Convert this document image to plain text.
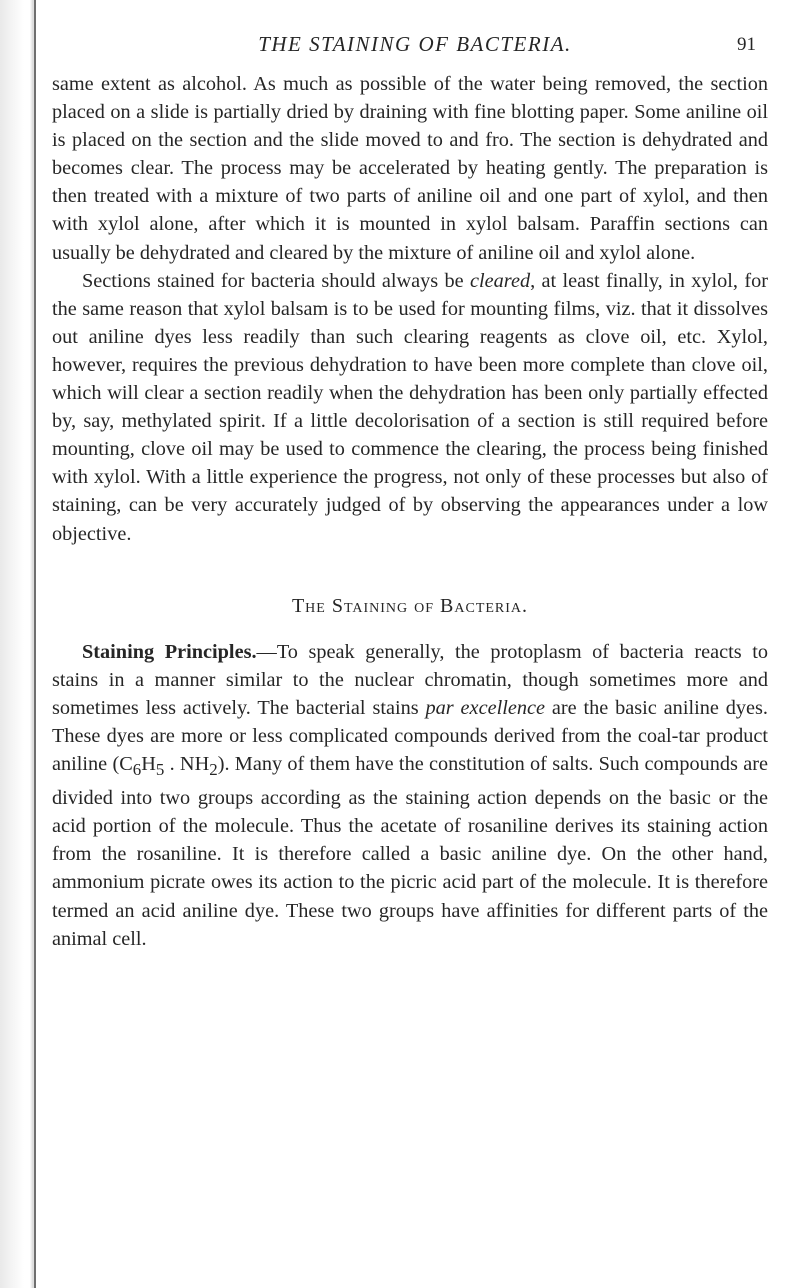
THE STAINING OF BACTERIA.	91

same extent as alcohol. As much as possible of the water being removed, the section placed on a slide is partially dried by draining with fine blotting paper. Some aniline oil is placed on the section and the slide moved to and fro. The section is dehydrated and becomes clear. The process may be accelerated by heating gently. The preparation is then treated with a mixture of two parts of aniline oil and one part of xylol, and then with xylol alone, after which it is mounted in xylol balsam. Paraffin sections can usually be dehydrated and cleared by the mixture of aniline oil and xylol alone.

Sections stained for bacteria should always be cleared, at least finally, in xylol, for the same reason that xylol balsam is to be used for mounting films, viz. that it dissolves out aniline dyes less readily than such clearing reagents as clove oil, etc. Xylol, however, requires the previous dehydration to have been more complete than clove oil, which will clear a section readily when the dehydration has been only partially effected by, say, methylated spirit. If a little decolorisation of a section is still required before mounting, clove oil may be used to commence the clearing, the process being finished with xylol. With a little experience the progress, not only of these processes but also of staining, can be very accurately judged of by observing the appearances under a low objective.

The Staining of Bacteria.

Staining Principles.—To speak generally, the protoplasm of bacteria reacts to stains in a manner similar to the nuclear chromatin, though sometimes more and sometimes less actively. The bacterial stains par excellence are the basic aniline dyes. These dyes are more or less complicated compounds derived from the coal-tar product aniline ($C_6H_5$ . $NH_2$). Many of them have the constitution of salts. Such compounds are divided into two groups according as the staining action depends on the basic or the acid portion of the molecule. Thus the acetate of rosaniline derives its staining action from the rosaniline. It is therefore called a basic aniline dye. On the other hand, ammonium picrate owes its action to the picric acid part of the molecule. It is therefore termed an acid aniline dye. These two groups have affinities for different parts of the animal cell.
